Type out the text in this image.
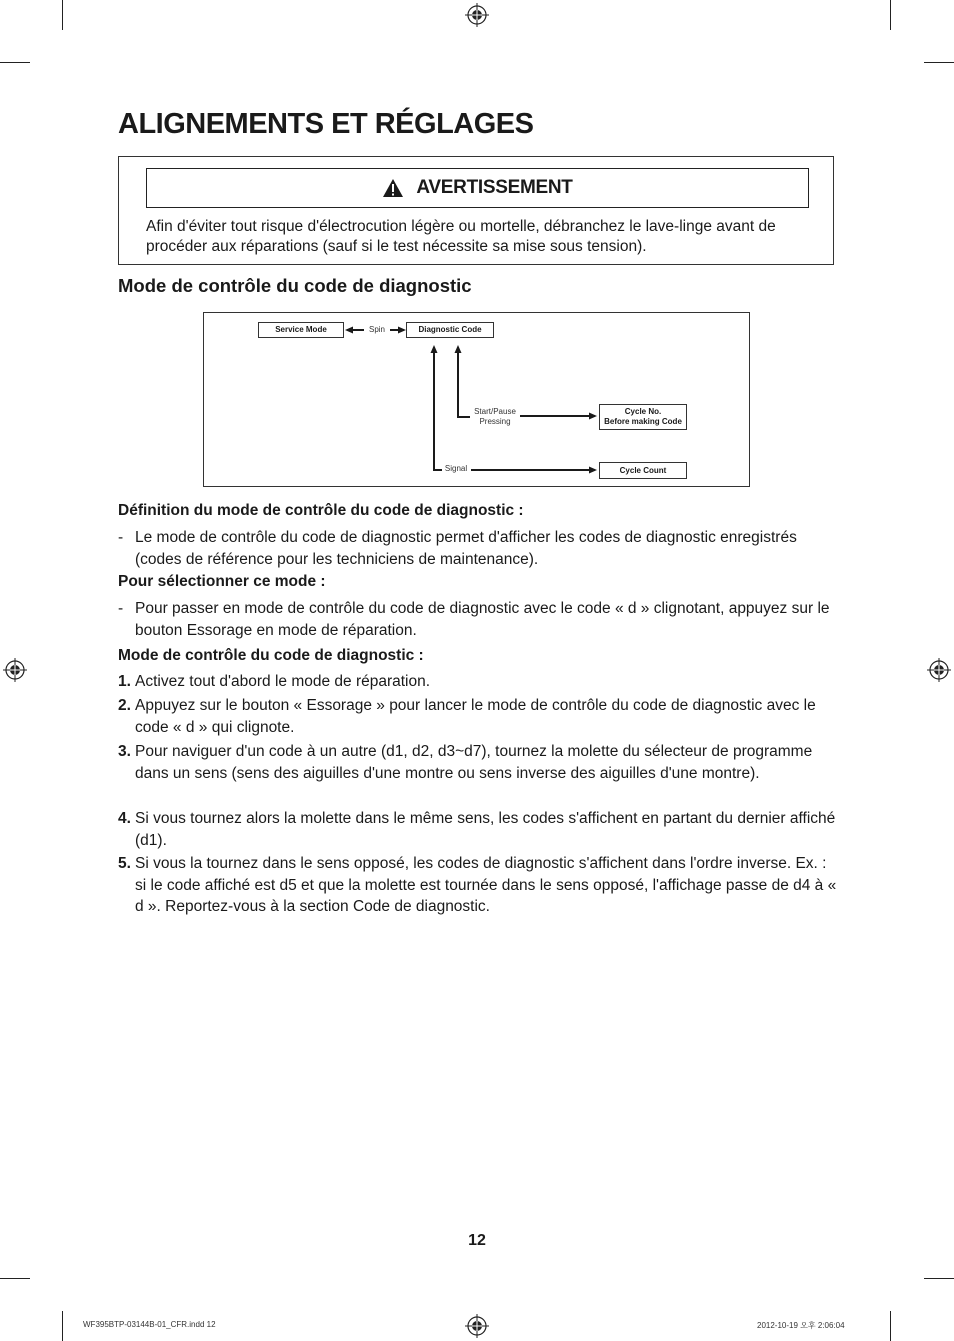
ALIGNEMENTS ET RÉGLAGES
AVERTISSEMENT

Afin d'éviter tout risque d'électrocution légère ou mortelle, débranchez le lave-linge avant de procéder aux réparations (sauf si le test nécessite sa mise sous tension).

Mode de contrôle du code de diagnostic
Service Mode	Spin	Diagnostic Code
Start/Pause
Pressing
Cycle No.
Before making Code
Signal	Cycle Count
Définition du mode de contrôle du code de diagnostic :
- Le mode de contrôle du code de diagnostic permet d'afficher les codes de diagnostic enregistrés (codes de référence pour les techniciens de maintenance).
Pour sélectionner ce mode :
- Pour passer en mode de contrôle du code de diagnostic avec le code « d » clignotant, appuyez sur le bouton Essorage en mode de réparation.
Mode de contrôle du code de diagnostic :
1. Activez tout d'abord le mode de réparation.
2. Appuyez sur le bouton « Essorage » pour lancer le mode de contrôle du code de diagnostic avec le code « d » qui clignote.
3. Pour naviguer d'un code à un autre (d1, d2, d3~d7), tournez la molette du sélecteur de programme dans un sens (sens des aiguilles d'une montre ou sens inverse des aiguilles d'une montre).
4. Si vous tournez alors la molette dans le même sens, les codes s'affichent en partant du dernier affiché (d1).
5. Si vous la tournez dans le sens opposé, les codes de diagnostic s'affichent dans l'ordre inverse. Ex. : si le code affiché est d5 et que la molette est tournée dans le sens opposé, l'affichage passe de d4 à « d ». Reportez-vous à la section Code de diagnostic.
12
WF395BTP-03144B-01_CFR.indd 12	2012-10-19 오후 2:06:04
